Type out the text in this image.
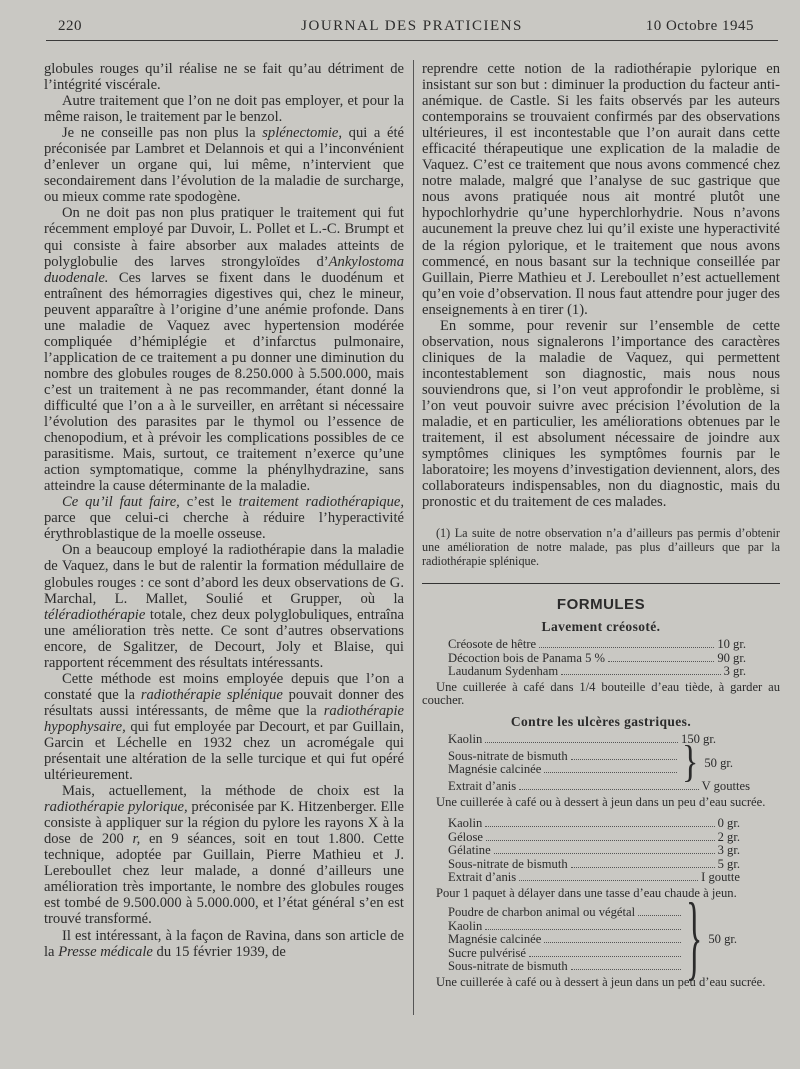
220	JOURNAL DES PRATICIENS	10 Octobre 1945

globules rouges qu’il réalise ne se fait qu’au détriment de l’intégrité viscérale.

Autre traitement que l’on ne doit pas employer, et pour la même raison, le traitement par le benzol.

Je ne conseille pas non plus la splénectomie, qui a été préconisée par Lambret et Delannois et qui a l’inconvénient d’enlever un organe qui, lui même, n’intervient que secondairement dans l’évolution de la maladie de surcharge, ou mieux comme rate spodogène.

On ne doit pas non plus pratiquer le traitement qui fut récemment employé par Duvoir, L. Pollet et L.-C. Brumpt et qui consiste à faire absorber aux malades atteints de polyglobulie des larves strongyloïdes d’Ankylostoma duodenale. Ces larves se fixent dans le duodénum et entraînent des hémorragies digestives qui, chez le mineur, peuvent apparaître à l’origine d’une anémie profonde. Dans une maladie de Vaquez avec hypertension modérée compliquée d’hémiplégie et d’infarctus pulmonaire, l’application de ce traitement a pu donner une diminution du nombre des globules rouges de 8.250.000 à 5.500.000, mais c’est un traitement à ne pas recommander, étant donné la difficulté que l’on a à le surveiller, en arrêtant si nécessaire l’évolution des parasites par le thymol ou l’essence de chenopodium, et à prévoir les complications possibles de ce parasitisme. Mais, surtout, ce traitement n’exerce qu’une action symptomatique, comme la phénylhydrazine, sans atteindre la cause déterminante de la maladie.

Ce qu’il faut faire, c’est le traitement radiothérapique, parce que celui-ci cherche à réduire l’hyperactivité érythroblastique de la moelle osseuse.

On a beaucoup employé la radiothérapie dans la maladie de Vaquez, dans le but de ralentir la formation médullaire de globules rouges : ce sont d’abord les deux observations de G. Marchal, L. Mallet, Soulié et Grupper, où la téléradiothérapie totale, chez deux polyglobuliques, entraîna une amélioration très nette. Ce sont d’autres observations encore, de Sgalitzer, de Decourt, Joly et Blaise, qui rapportent récemment des résultats intéressants.

Cette méthode est moins employée depuis que l’on a constaté que la radiothérapie splénique pouvait donner des résultats aussi intéressants, de même que la radiothérapie hypophysaire, qui fut employée par Decourt, et par Guillain, Garcin et Léchelle en 1932 chez un acromégale qui présentait une altération de la selle turcique et qui fut opéré ultérieurement.

Mais, actuellement, la méthode de choix est la radiothérapie pylorique, préconisée par K. Hitzenberger. Elle consiste à appliquer sur la région du pylore les rayons X à la dose de 200 r, en 9 séances, soit en tout 1.800. Cette technique, adoptée par Guillain, Pierre Mathieu et J. Lereboullet chez leur malade, a donné d’ailleurs une amélioration très importante, le nombre des globules rouges est tombé de 9.500.000 à 5.000.000, et l’état général s’en est trouvé transformé.

Il est intéressant, à la façon de Ravina, dans son article de la Presse médicale du 15 février 1939, de

reprendre cette notion de la radiothérapie pylorique en insistant sur son but : diminuer la production du facteur anti-anémique. de Castle. Si les faits observés par les auteurs contemporains se trouvaient confirmés par des observations ultérieures, il est incontestable que l’on aurait dans cette efficacité thérapeutique une explication de la maladie de Vaquez. C’est ce traitement que nous avons commencé chez notre malade, malgré que l’analyse de suc gastrique que nous avons pratiquée nous ait montré plutôt une hypochlorhydrie qu’une hyperchlorhydrie. Nous n’avons aucunement la preuve chez lui qu’il existe une hyperactivité de la région pylorique, et le traitement que nous avons commencé, en nous basant sur la technique conseillée par Guillain, Pierre Mathieu et J. Lereboullet n’est actuellement qu’en voie d’observation. Il nous faut attendre pour juger des enseignements à en tirer (1).

En somme, pour revenir sur l’ensemble de cette observation, nous signalerons l’importance des caractères cliniques de la maladie de Vaquez, qui permettent incontestablement son diagnostic, mais nous nous souviendrons que, si l’on veut approfondir le problème, si l’on veut pouvoir suivre avec précision l’évolution de la maladie, et en particulier, les améliorations obtenues par le traitement, il est absolument nécessaire de joindre aux symptômes cliniques les symptômes fournis par le laboratoire; les moyens d’investigation deviennent, alors, des collaborateurs indispensables, non du diagnostic, mais du pronostic et du traitement de ces malades.

(1) La suite de notre observation n’a d’ailleurs pas permis d’obtenir une amélioration de notre malade, pas plus d’ailleurs que par la radiothérapie splénique.

FORMULES
Lavement créosoté.
Créosote de hêtre	10 gr.
Décoction bois de Panama 5 %	90 gr.
Laudanum Sydenham	3 gr.

Une cuillerée à café dans 1/4 bouteille d’eau tiède, à garder au coucher.

Contre les ulcères gastriques.
Kaolin	150 gr.
Sous-nitrate de bismuth
Magnésie calcinée	} 50 gr.
Extrait d’anis	V gouttes

Une cuillerée à café ou à dessert à jeun dans un peu d’eau sucrée.

Kaolin	0 gr.
Gélose	2 gr.
Gélatine	3 gr.
Sous-nitrate de bismuth	5 gr.
Extrait d’anis	I goutte

Pour 1 paquet à délayer dans une tasse d’eau chaude à jeun.

Poudre de charbon animal ou végétal
Kaolin
Magnésie calcinée
Sucre pulvérisé
Sous-nitrate de bismuth	} 50 gr.

Une cuillerée à café ou à dessert à jeun dans un peu d’eau sucrée.
